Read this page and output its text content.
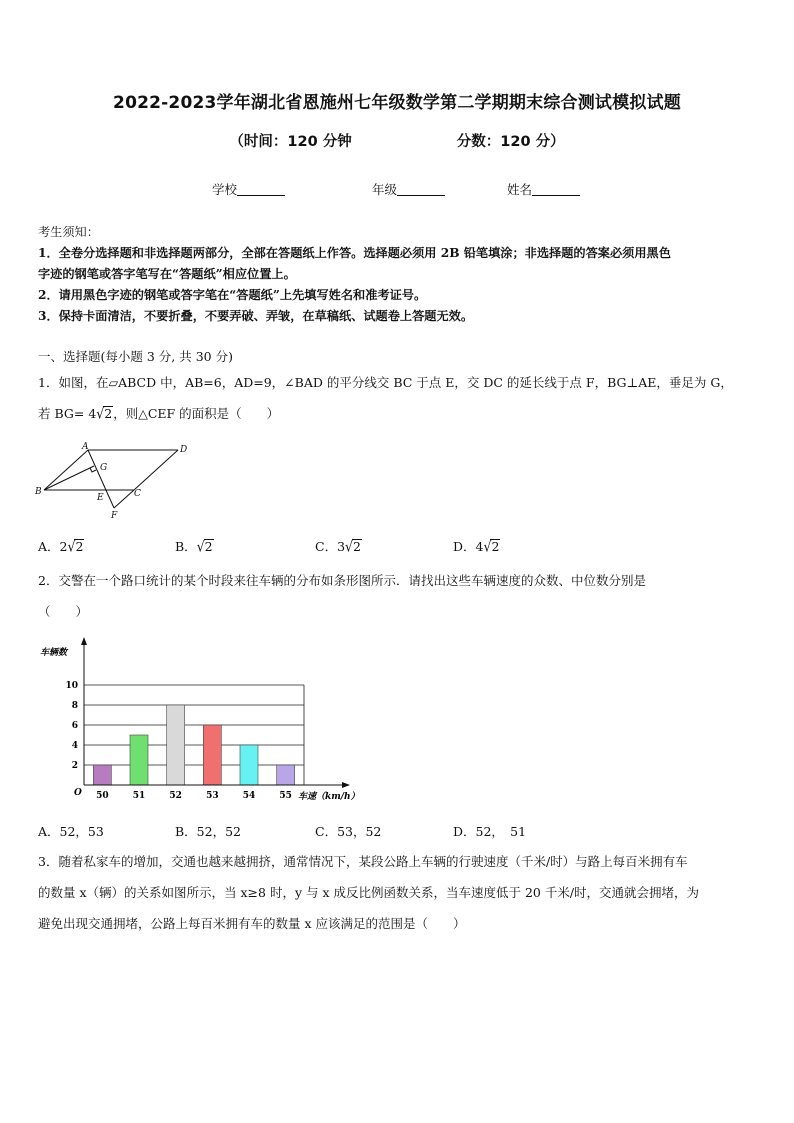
2022-2023学年湖北省恩施州七年级数学第二学期期末综合测试模拟试题
（时间：120 分钟	分数：120 分）
学校	年级	姓名
考生须知：
1．全卷分选择题和非选择题两部分，全部在答题纸上作答。选择题必须用 2B 铅笔填涂；非选择题的答案必须用黑色
字迹的钢笔或答字笔写在“答题纸”相应位置上。
2．请用黑色字迹的钢笔或答字笔在“答题纸”上先填写姓名和准考证号。
3．保持卡面清洁，不要折叠，不要弄破、弄皱，在草稿纸、试题卷上答题无效。
一、选择题(每小题 3 分, 共 30 分)
1．如图，在▱ABCD 中，AB=6，AD=9，∠BAD 的平分线交 BC 于点 E，交 DC 的延长线于点 F，BG⊥AE，垂足为 G，
若 BG= 4√2，则△CEF 的面积是（　　）
A	D
G
B
E	C
F
A．2√2	B．√2	C．3√2	D．4√2
2．交警在一个路口统计的某个时段来往车辆的分布如条形图所示．请找出这些车辆速度的众数、中位数分别是
（　　）
2
4
6
8
10
50	51	52	53	54	55
车辆数
车速（km/h）
O
A．52，53	B．52，52	C．53，52	D．52，　51
3．随着私家车的增加，交通也越来越拥挤，通常情况下，某段公路上车辆的行驶速度（千米/时）与路上每百米拥有车
的数量 x（辆）的关系如图所示，当 x≥8 时，y 与 x 成反比例函数关系，当车速度低于 20 千米/时，交通就会拥堵，为
避免出现交通拥堵，公路上每百米拥有车的数量 x 应该满足的范围是（　　）
